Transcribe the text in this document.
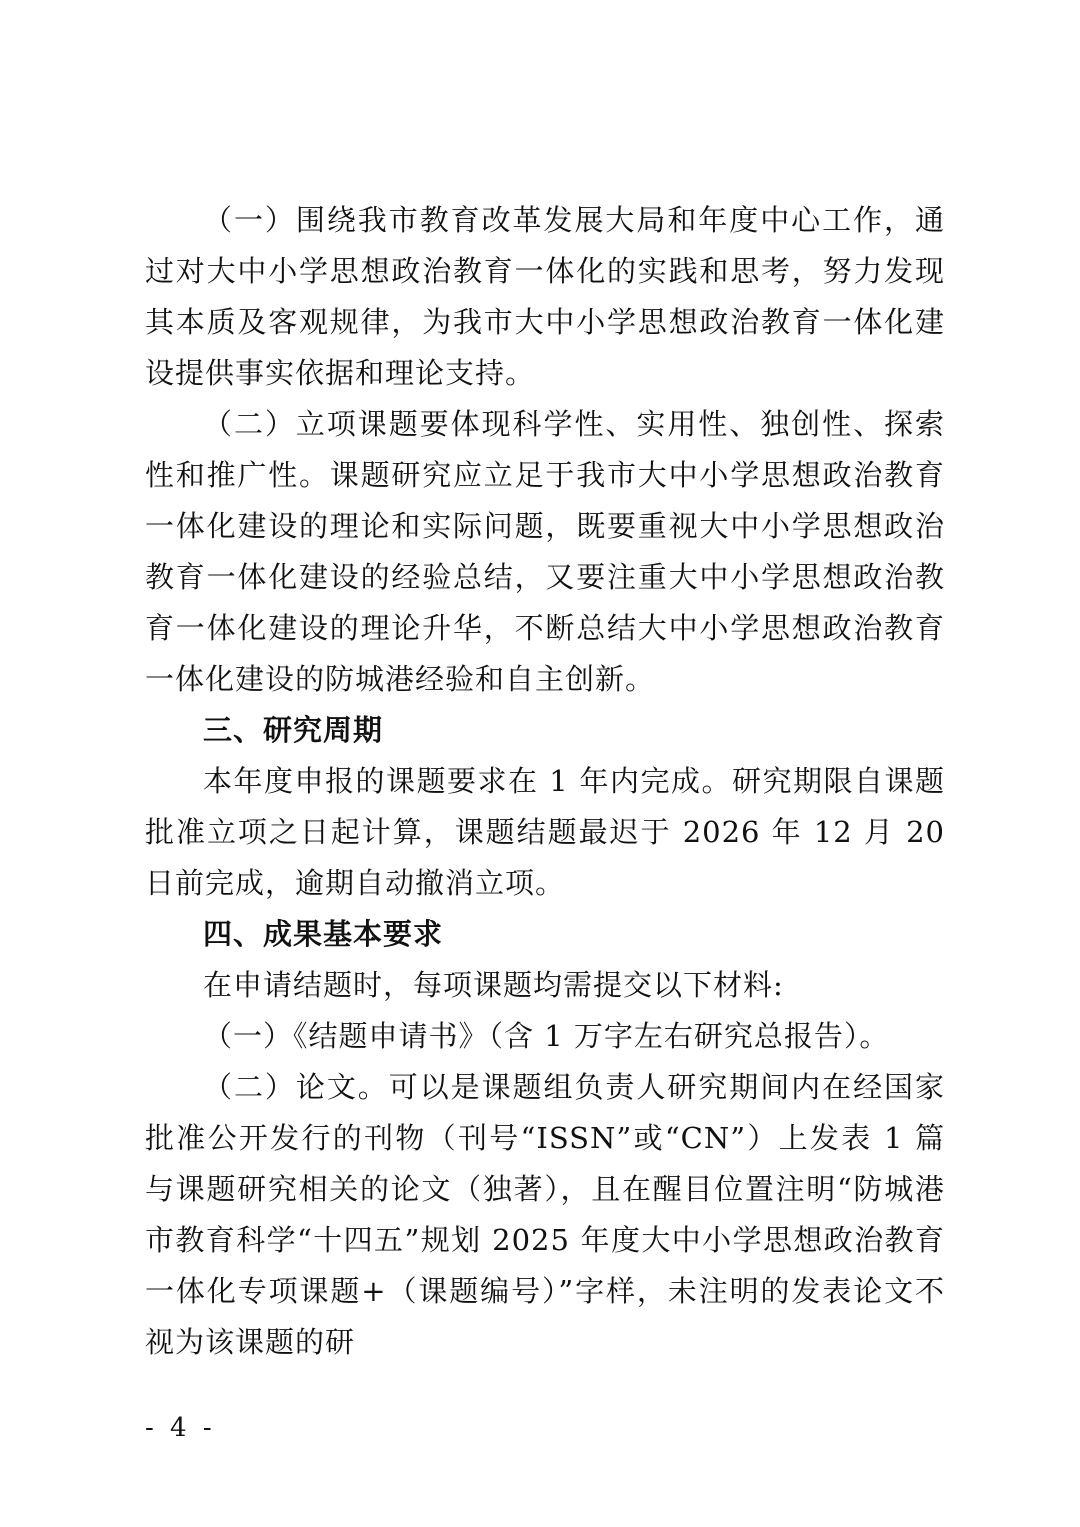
（一）围绕我市教育改革发展大局和年度中心工作，通过对大中小学思想政治教育一体化的实践和思考，努力发现其本质及客观规律，为我市大中小学思想政治教育一体化建设提供事实依据和理论支持。

（二）立项课题要体现科学性、实用性、独创性、探索性和推广性。课题研究应立足于我市大中小学思想政治教育一体化建设的理论和实际问题，既要重视大中小学思想政治教育一体化建设的经验总结，又要注重大中小学思想政治教育一体化建设的理论升华，不断总结大中小学思想政治教育一体化建设的防城港经验和自主创新。

三、研究周期

本年度申报的课题要求在 1 年内完成。研究期限自课题批准立项之日起计算，课题结题最迟于 2026 年 12 月 20 日前完成，逾期自动撤消立项。

四、成果基本要求

在申请结题时，每项课题均需提交以下材料:

（一）《结题申请书》（含 1 万字左右研究总报告）。

（二）论文。可以是课题组负责人研究期间内在经国家批准公开发行的刊物（刊号“ISSN”或“CN”）上发表 1 篇与课题研究相关的论文（独著），且在醒目位置注明“防城港市教育科学“十四五”规划 2025 年度大中小学思想政治教育一体化专项课题+（课题编号）”字样，未注明的发表论文不视为该课题的研

- 4 -
